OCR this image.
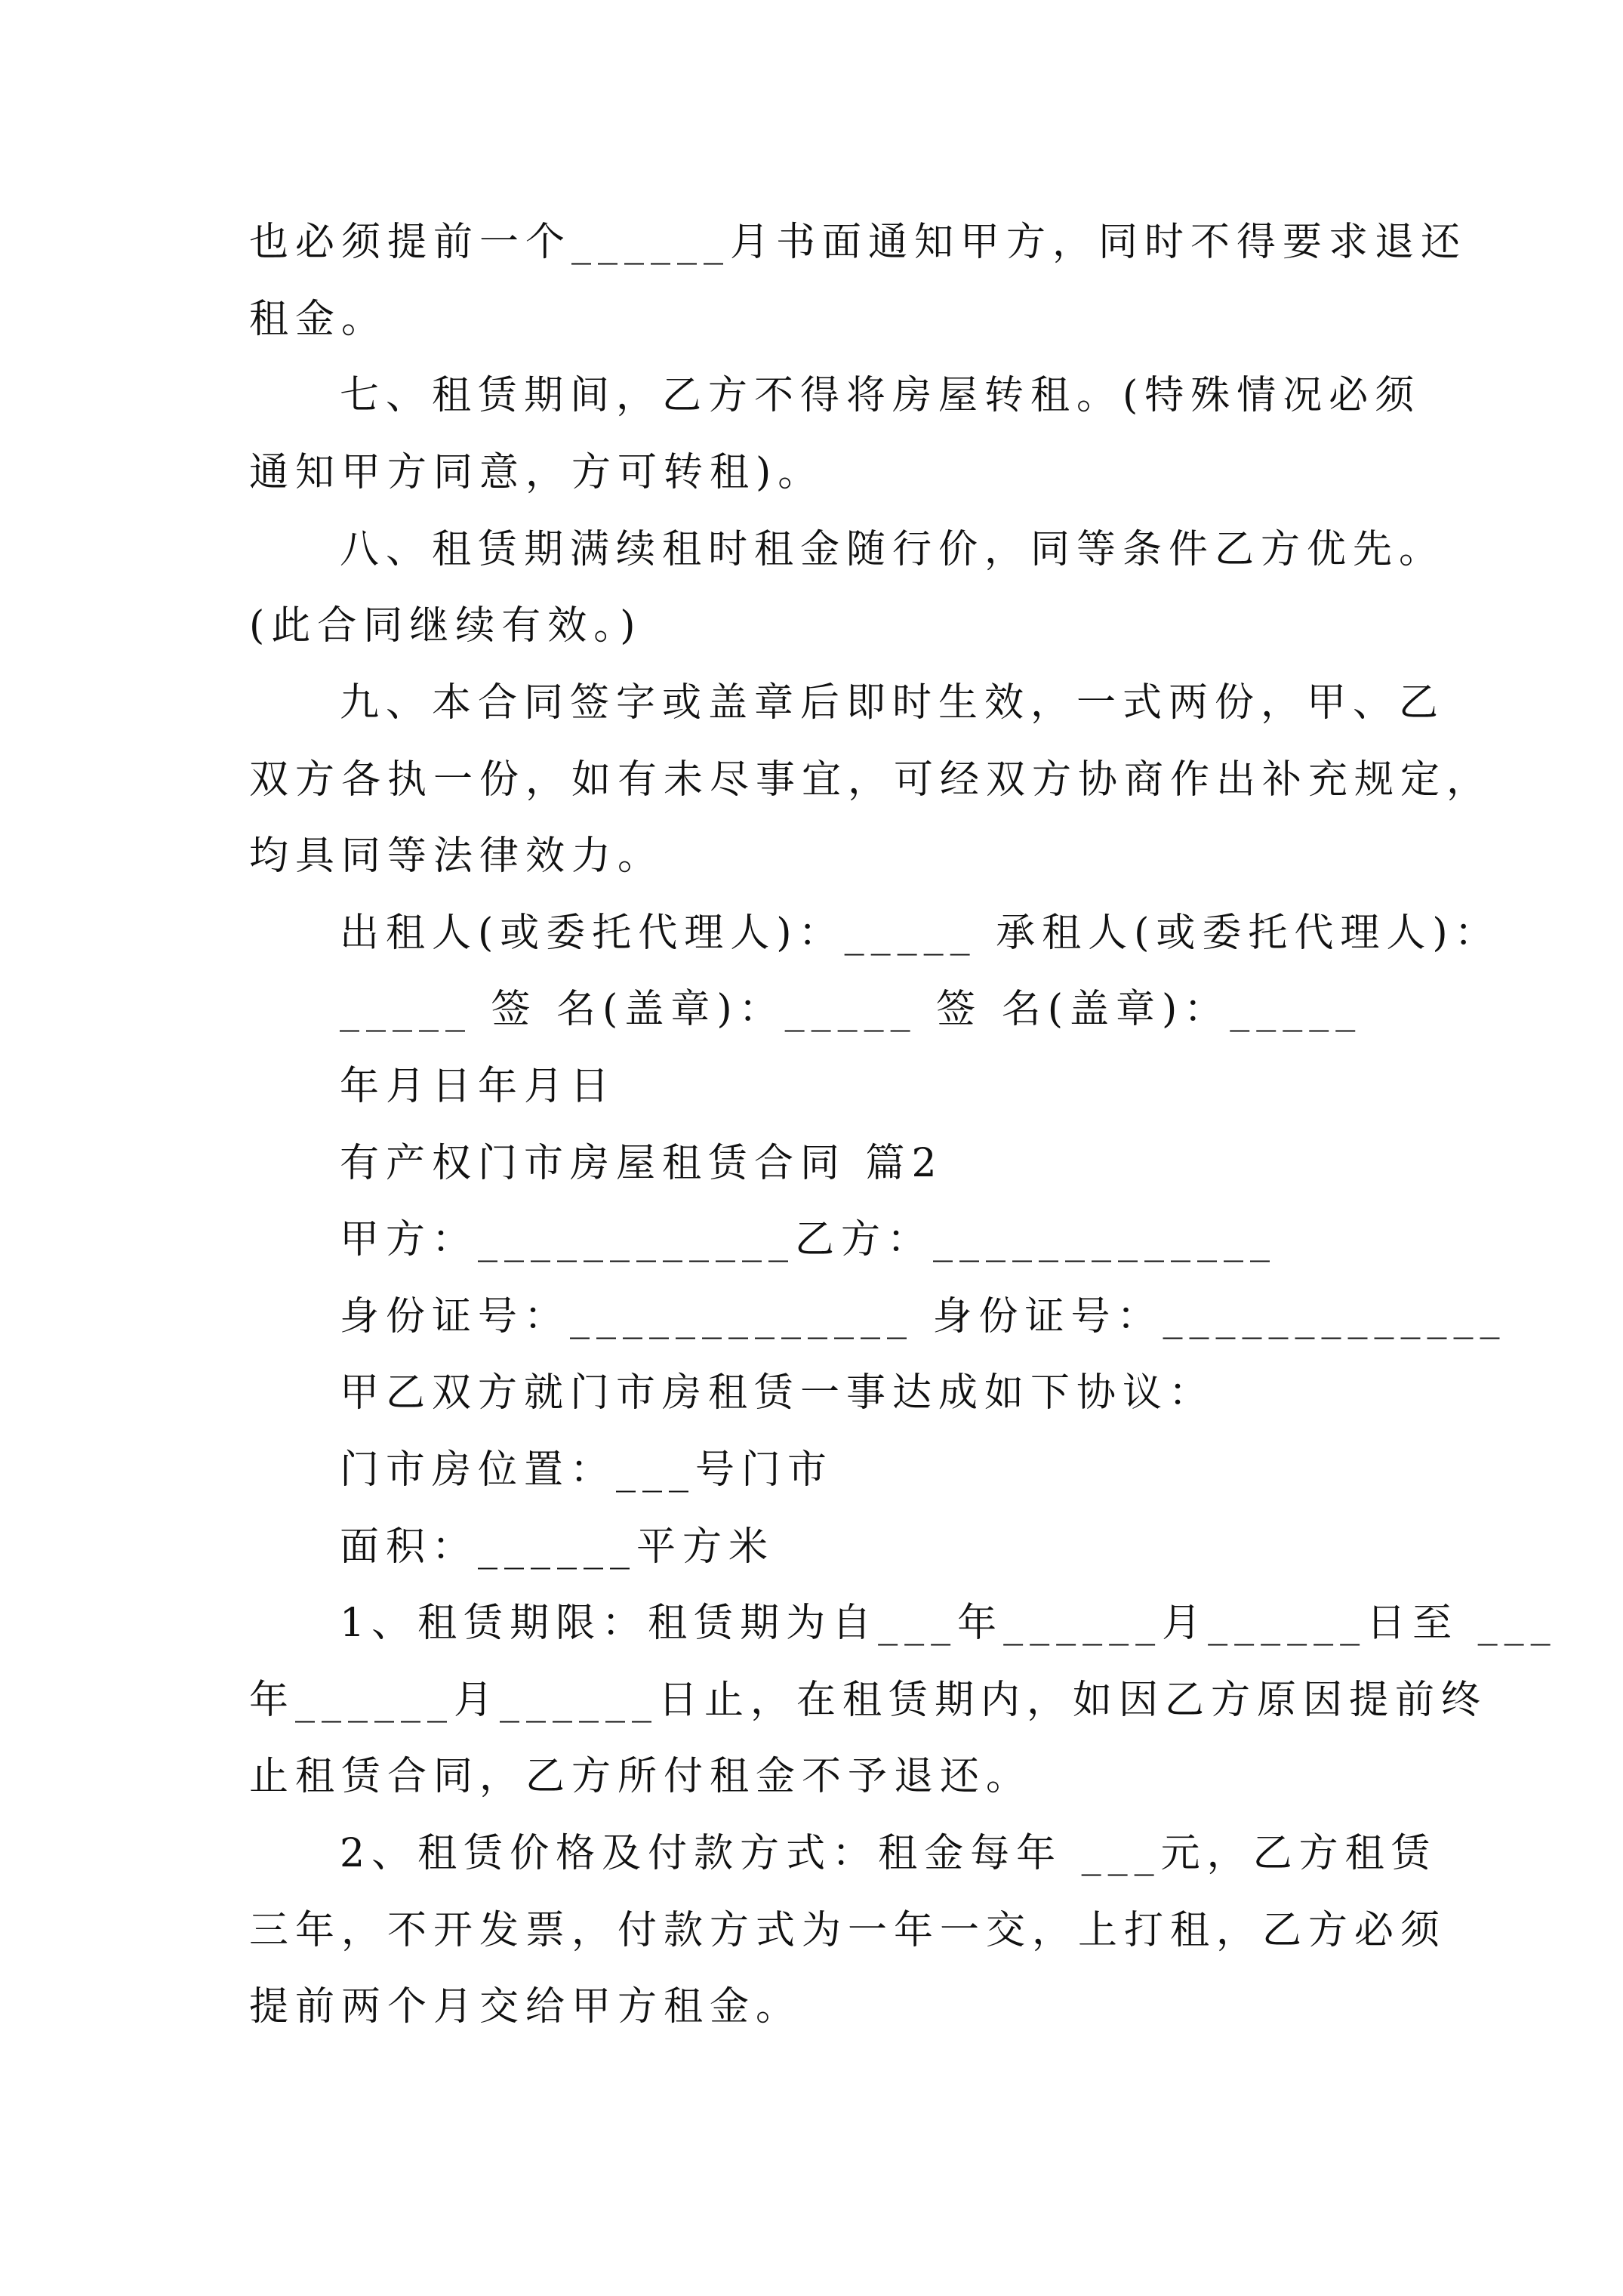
也必须提前一个______月书面通知甲方，同时不得要求退还
租金。
七、租赁期间，乙方不得将房屋转租。(特殊情况必须
通知甲方同意，方可转租)。
八、租赁期满续租时租金随行价，同等条件乙方优先。
(此合同继续有效。)
九、本合同签字或盖章后即时生效，一式两份，甲、乙
双方各执一份，如有未尽事宜，可经双方协商作出补充规定，
均具同等法律效力。
出租人(或委托代理人)：_____ 承租人(或委托代理人)：
_____ 签 名(盖章)：_____ 签 名(盖章)：_____
年月日年月日
有产权门市房屋租赁合同 篇2
甲方：____________乙方：_____________
身份证号：_____________ 身份证号：_____________
甲乙双方就门市房租赁一事达成如下协议：
门市房位置：___号门市
面积：______平方米
1、租赁期限：租赁期为自___年______月______日至 ___
年______月______日止，在租赁期内，如因乙方原因提前终
止租赁合同，乙方所付租金不予退还。
2、租赁价格及付款方式：租金每年 ___元，乙方租赁
三年，不开发票，付款方式为一年一交，上打租，乙方必须
提前两个月交给甲方租金。
